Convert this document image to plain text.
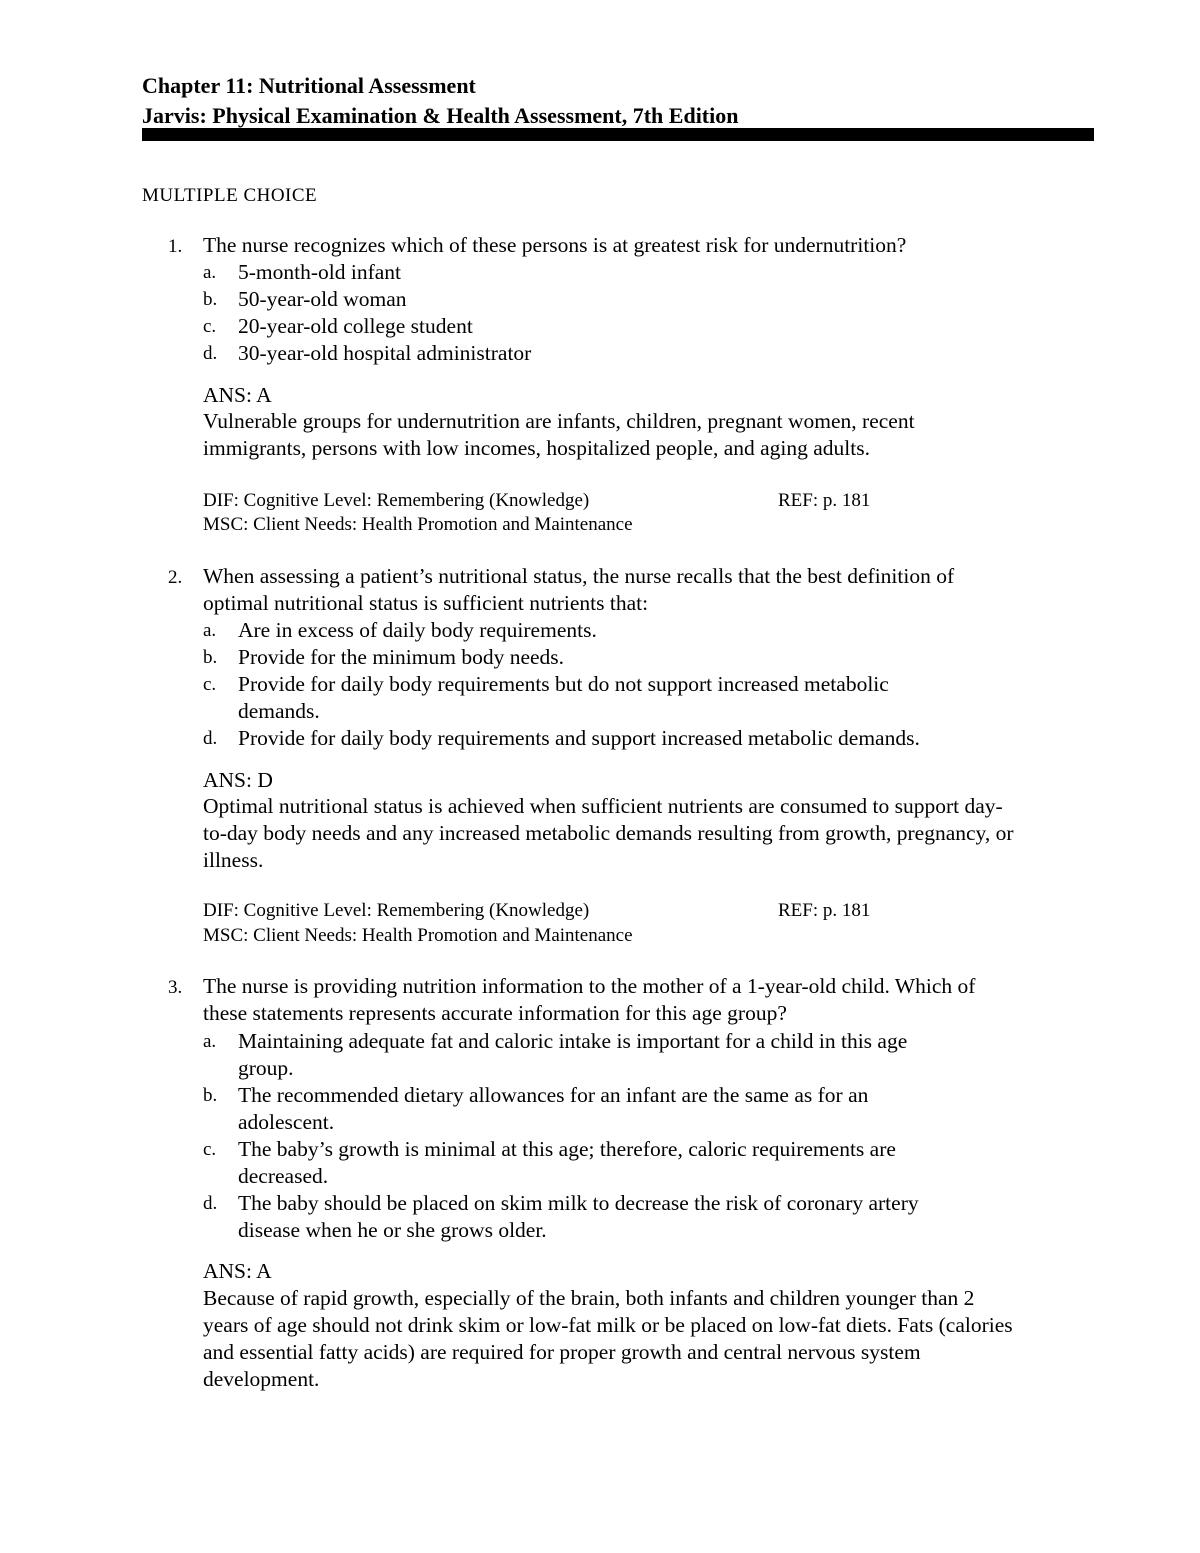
Chapter 11: Nutritional Assessment
Jarvis: Physical Examination & Health Assessment, 7th Edition
MULTIPLE CHOICE
1. The nurse recognizes which of these persons is at greatest risk for undernutrition?
a. 5-month-old infant
b. 50-year-old woman
c. 20-year-old college student
d. 30-year-old hospital administrator
ANS: A
Vulnerable groups for undernutrition are infants, children, pregnant women, recent
immigrants, persons with low incomes, hospitalized people, and aging adults.
DIF: Cognitive Level: Remembering (Knowledge)	REF: p. 181
MSC: Client Needs: Health Promotion and Maintenance
2. When assessing a patient’s nutritional status, the nurse recalls that the best definition of
optimal nutritional status is sufficient nutrients that:
a. Are in excess of daily body requirements.
b. Provide for the minimum body needs.
c. Provide for daily body requirements but do not support increased metabolic
demands.
d. Provide for daily body requirements and support increased metabolic demands.
ANS: D
Optimal nutritional status is achieved when sufficient nutrients are consumed to support day-
to-day body needs and any increased metabolic demands resulting from growth, pregnancy, or
illness.
DIF: Cognitive Level: Remembering (Knowledge)	REF: p. 181
MSC: Client Needs: Health Promotion and Maintenance
3. The nurse is providing nutrition information to the mother of a 1-year-old child. Which of
these statements represents accurate information for this age group?
a. Maintaining adequate fat and caloric intake is important for a child in this age
group.
b. The recommended dietary allowances for an infant are the same as for an
adolescent.
c. The baby’s growth is minimal at this age; therefore, caloric requirements are
decreased.
d. The baby should be placed on skim milk to decrease the risk of coronary artery
disease when he or she grows older.
ANS: A
Because of rapid growth, especially of the brain, both infants and children younger than 2
years of age should not drink skim or low-fat milk or be placed on low-fat diets. Fats (calories
and essential fatty acids) are required for proper growth and central nervous system
development.
